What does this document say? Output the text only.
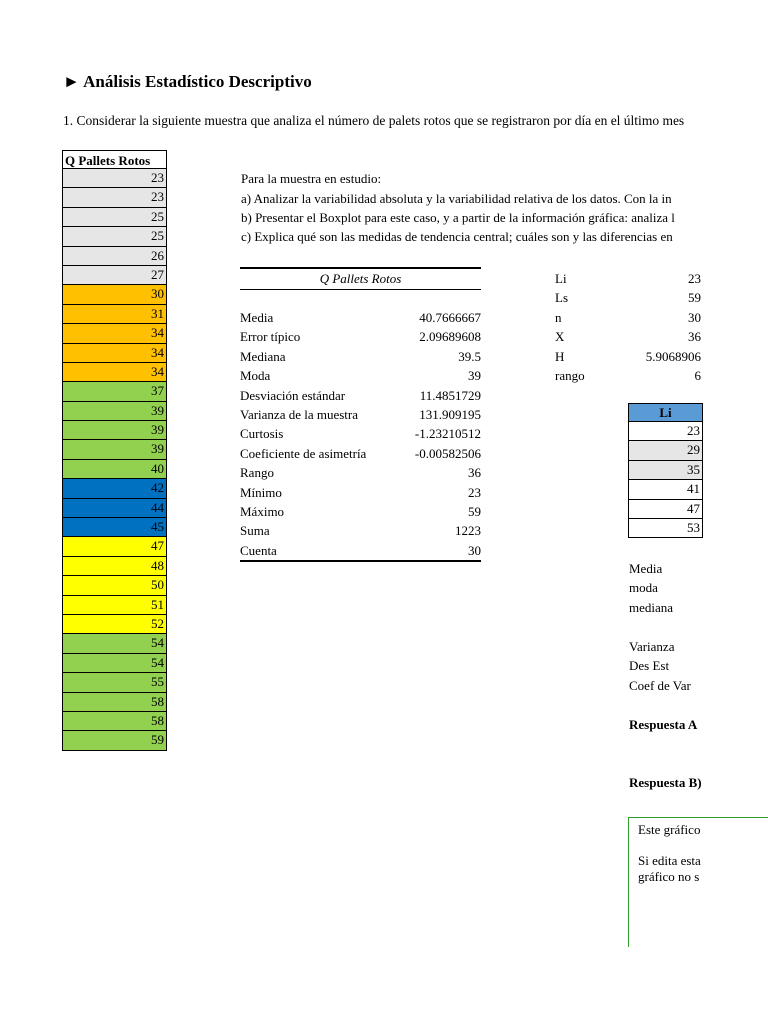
► Análisis Estadístico Descriptivo
1. Considerar la siguiente muestra que analiza el número de palets rotos que se registraron por día en el último mes
Q Pallets Rotos
23
23
25
25
26
27
30
31
34
34
34
37
39
39
39
40
42
44
45
47
48
50
51
52
54
54
55
58
58
59
Para la muestra en estudio:
a) Analizar la variabilidad absoluta y la variabilidad relativa de los datos. Con la in
b) Presentar el Boxplot para este caso, y a partir de la información gráfica: analiza l
c) Explica qué son las medidas de tendencia central; cuáles son y las diferencias en
Q Pallets Rotos
Media	40.7666667
Error típico	2.09689608
Mediana	39.5
Moda	39
Desviación estándar	11.4851729
Varianza de la muestra	131.909195
Curtosis	-1.23210512
Coeficiente de asimetría	-0.00582506
Rango	36
Mínimo	23
Máximo	59
Suma	1223
Cuenta	30
Li	23
Ls	59
n	30
X	36
H	5.9068906
rango	6
Li
23
29
35
41
47
53
Media
moda
mediana
Varianza
Des Est
Coef de Var
Respuesta A
Respuesta B)
Este gráfico
Si edita esta
gráfico no s
